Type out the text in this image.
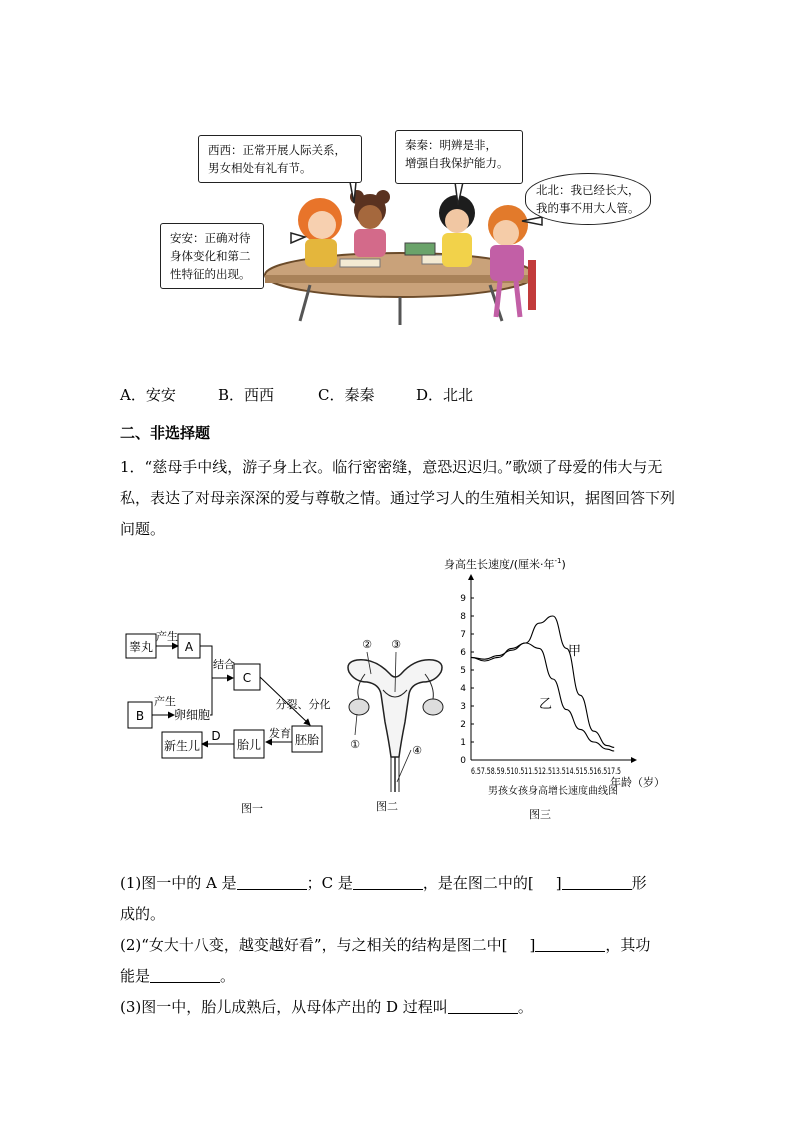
西西：正常开展人际关系，
男女相处有礼有节。
秦秦：明辨是非，
增强自我保护能力。
北北：我已经长大，
我的事不用大人管。
安安：正确对待
身体变化和第二
性特征的出现。
A．安安	B．西西	C．秦秦	D．北北
二、非选择题
1．“慈母手中线，游子身上衣。临行密密缝，意恐迟迟归。”歌颂了母爱的伟大与无私，表达了对母亲深深的爱与尊敬之情。通过学习人的生殖相关知识，据图回答下列问题。
睾丸
产生
A
B
产生
卵细胞
结合
C
分裂、分化
胚胎
发育
胎儿
D
新生儿
图一
② ③
①	④
图二
身高生长速度/(厘米·年$^{-1}$)
9
8
7
6
5
4
3
2
1
0
6.57.58.59.510.511.512.513.514.515.516.517.5
年龄（岁）
男孩女孩身高增长速度曲线图
甲
乙
图三
(1)图一中的 A 是	；C 是	，是在图二中的[ ]	形
成的。
(2)“女大十八变，越变越好看”，与之相关的结构是图二中[ ]	，其功
能是	。
(3)图一中，胎儿成熟后，从母体产出的 D 过程叫	。
